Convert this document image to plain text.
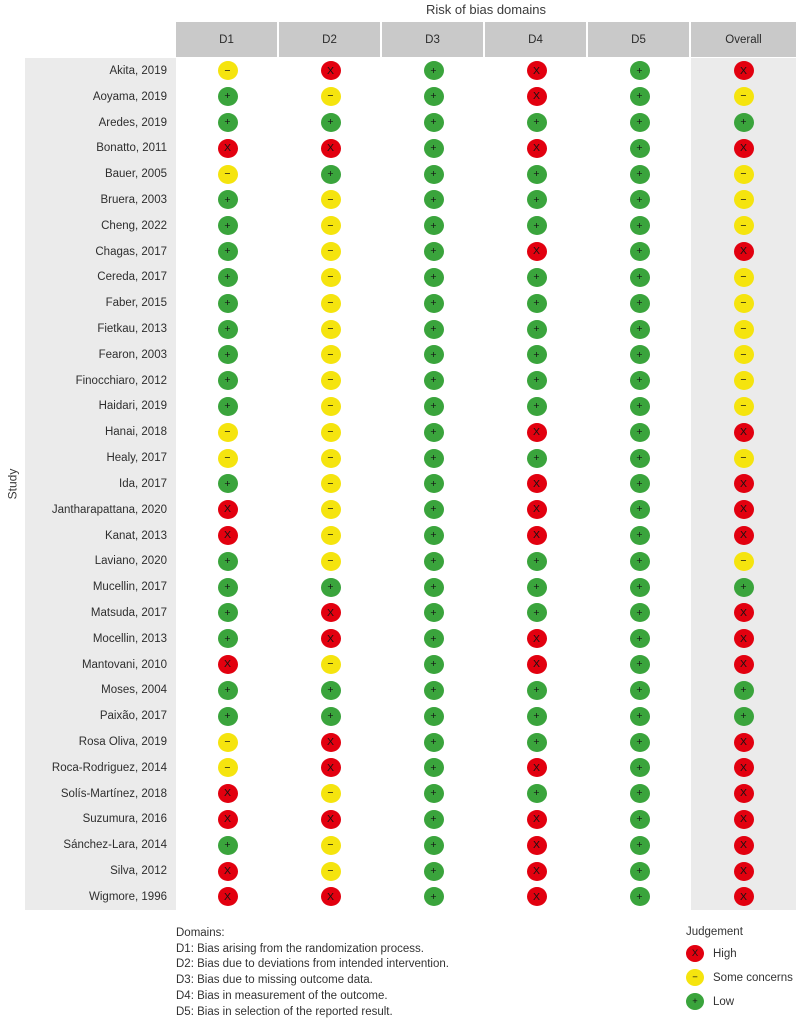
Risk of bias domains
D1	D2	D3	D4	D5	Overall
Study
Akita, 2019	−	X	+	X	+	X
Aoyama, 2019	+	−	+	X	+	−
Aredes, 2019	+	+	+	+	+	+
Bonatto, 2011	X	X	+	X	+	X
Bauer, 2005	−	+	+	+	+	−
Bruera, 2003	+	−	+	+	+	−
Cheng, 2022	+	−	+	+	+	−
Chagas, 2017	+	−	+	X	+	X
Cereda, 2017	+	−	+	+	+	−
Faber, 2015	+	−	+	+	+	−
Fietkau, 2013	+	−	+	+	+	−
Fearon, 2003	+	−	+	+	+	−
Finocchiaro, 2012	+	−	+	+	+	−
Haidari, 2019	+	−	+	+	+	−
Hanai, 2018	−	−	+	X	+	X
Healy, 2017	−	−	+	+	+	−
Ida, 2017	+	−	+	X	+	X
Jantharapattana, 2020	X	−	+	X	+	X
Kanat, 2013	X	−	+	X	+	X
Laviano, 2020	+	−	+	+	+	−
Mucellin, 2017	+	+	+	+	+	+
Matsuda, 2017	+	X	+	+	+	X
Mocellin, 2013	+	X	+	X	+	X
Mantovani, 2010	X	−	+	X	+	X
Moses, 2004	+	+	+	+	+	+
Paixão, 2017	+	+	+	+	+	+
Rosa Oliva, 2019	−	X	+	+	+	X
Roca-Rodriguez, 2014	−	X	+	X	+	X
Solís-Martínez, 2018	X	−	+	+	+	X
Suzumura, 2016	X	X	+	X	+	X
Sánchez-Lara, 2014	+	−	+	X	+	X
Silva, 2012	X	−	+	X	+	X
Wigmore, 1996	X	X	+	X	+	X
Domains:
D1: Bias arising from the randomization process.
D2: Bias due to deviations from intended intervention.
D3: Bias due to missing outcome data.
D4: Bias in measurement of the outcome.
D5: Bias in selection of the reported result.
Judgement
X	High
−	Some concerns
+	Low
